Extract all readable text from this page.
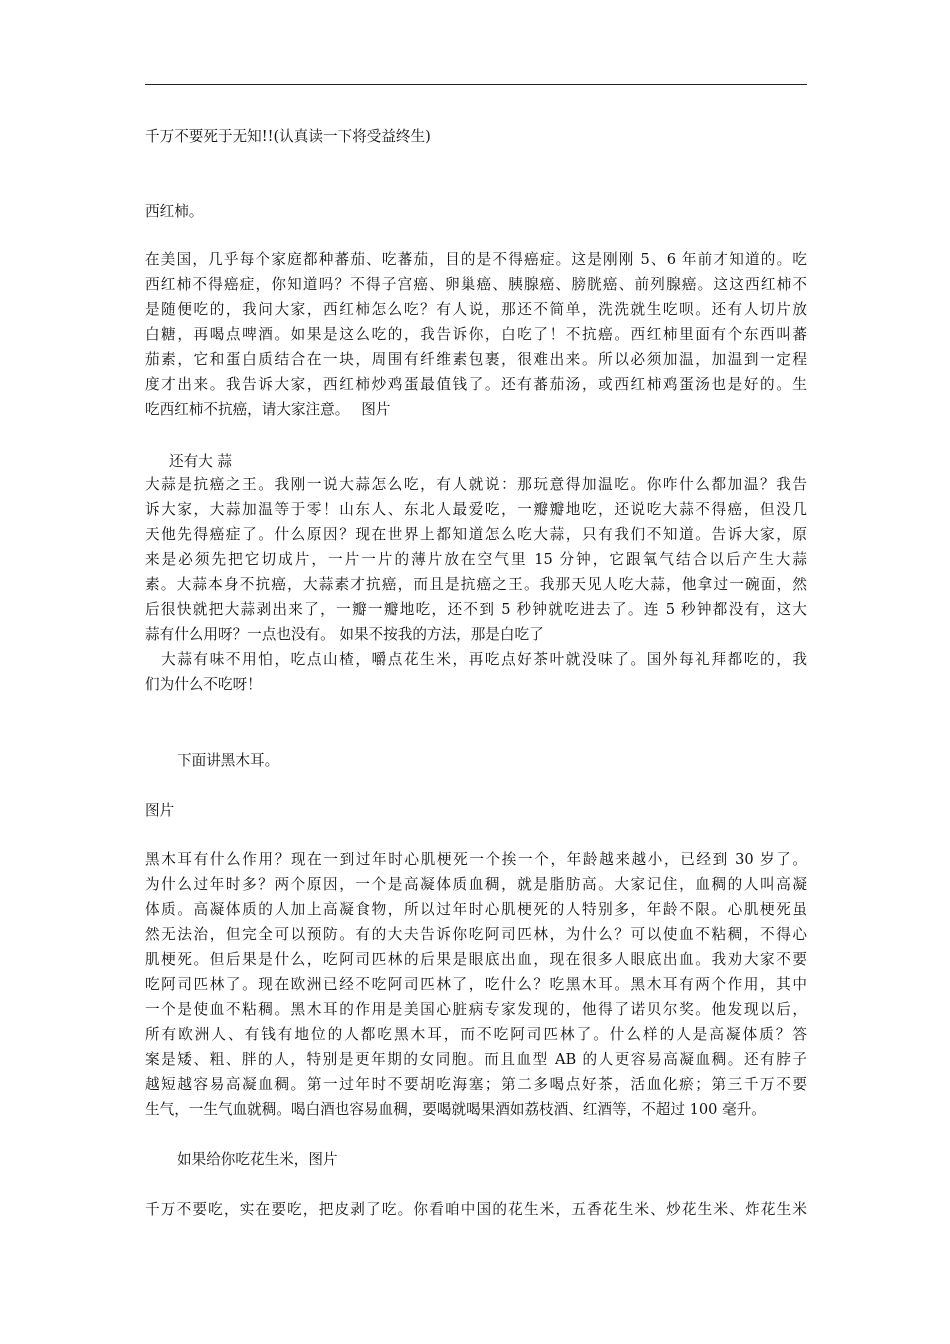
千万不要死于无知!!(认真读一下将受益终生)
西红柿。
在美国，几乎每个家庭都种蕃茄、吃蕃茄，目的是不得癌症。这是刚刚 5、6 年前才知道的。吃
西红柿不得癌症，你知道吗？不得子宫癌、卵巢癌、胰腺癌、膀胱癌、前列腺癌。这这西红柿不
是随便吃的，我问大家，西红柿怎么吃？有人说，那还不简单，洗洗就生吃呗。还有人切片放
白糖，再喝点啤酒。如果是这么吃的，我告诉你，白吃了！不抗癌。西红柿里面有个东西叫蕃
茄素，它和蛋白质结合在一块，周围有纤维素包裹，很难出来。所以必须加温，加温到一定程
度才出来。我告诉大家，西红柿炒鸡蛋最值钱了。还有蕃茄汤，或西红柿鸡蛋汤也是好的。生
吃西红柿不抗癌，请大家注意。　 图片
还有大 蒜
大蒜是抗癌之王。我刚一说大蒜怎么吃，有人就说：那玩意得加温吃。你咋什么都加温？我告
诉大家，大蒜加温等于零！山东人、东北人最爱吃，一瓣瓣地吃，还说吃大蒜不得癌，但没几
天他先得癌症了。什么原因？现在世界上都知道怎么吃大蒜，只有我们不知道。告诉大家，原
来是必须先把它切成片，一片一片的薄片放在空气里 15 分钟，它跟氧气结合以后产生大蒜
素。大蒜本身不抗癌，大蒜素才抗癌，而且是抗癌之王。我那天见人吃大蒜，他拿过一碗面，然
后很快就把大蒜剥出来了，一瓣一瓣地吃，还不到 5 秒钟就吃进去了。连 5 秒钟都没有，这大
蒜有什么用呀？一点也没有。 如果不按我的方法，那是白吃了
　大蒜有味不用怕，吃点山楂，嚼点花生米，再吃点好茶叶就没味了。国外每礼拜都吃的，我
们为什么不吃呀！
下面讲黑木耳。
图片
黑木耳有什么作用？现在一到过年时心肌梗死一个挨一个，年龄越来越小，已经到 30 岁了。
为什么过年时多？两个原因，一个是高凝体质血稠，就是脂肪高。大家记住，血稠的人叫高凝
体质。高凝体质的人加上高凝食物，所以过年时心肌梗死的人特别多，年龄不限。心肌梗死虽
然无法治，但完全可以预防。有的大夫告诉你吃阿司匹林，为什么？可以使血不粘稠，不得心
肌梗死。但后果是什么，吃阿司匹林的后果是眼底出血，现在很多人眼底出血。我劝大家不要
吃阿司匹林了。现在欧洲已经不吃阿司匹林了，吃什么？吃黑木耳。黑木耳有两个作用，其中
一个是使血不粘稠。黑木耳的作用是美国心脏病专家发现的，他得了诺贝尔奖。他发现以后，
所有欧洲人、有钱有地位的人都吃黑木耳，而不吃阿司匹林了。什么样的人是高凝体质？答
案是矮、粗、胖的人，特别是更年期的女同胞。而且血型 AB 的人更容易高凝血稠。还有脖子
越短越容易高凝血稠。第一过年时不要胡吃海塞；第二多喝点好茶，活血化瘀；第三千万不要
生气，一生气血就稠。喝白酒也容易血稠，要喝就喝果酒如荔枝酒、红酒等，不超过 100 毫升。
如果给你吃花生米，图片
千万不要吃，实在要吃，把皮剥了吃。你看咱中国的花生米，五香花生米、炒花生米、炸花生米
